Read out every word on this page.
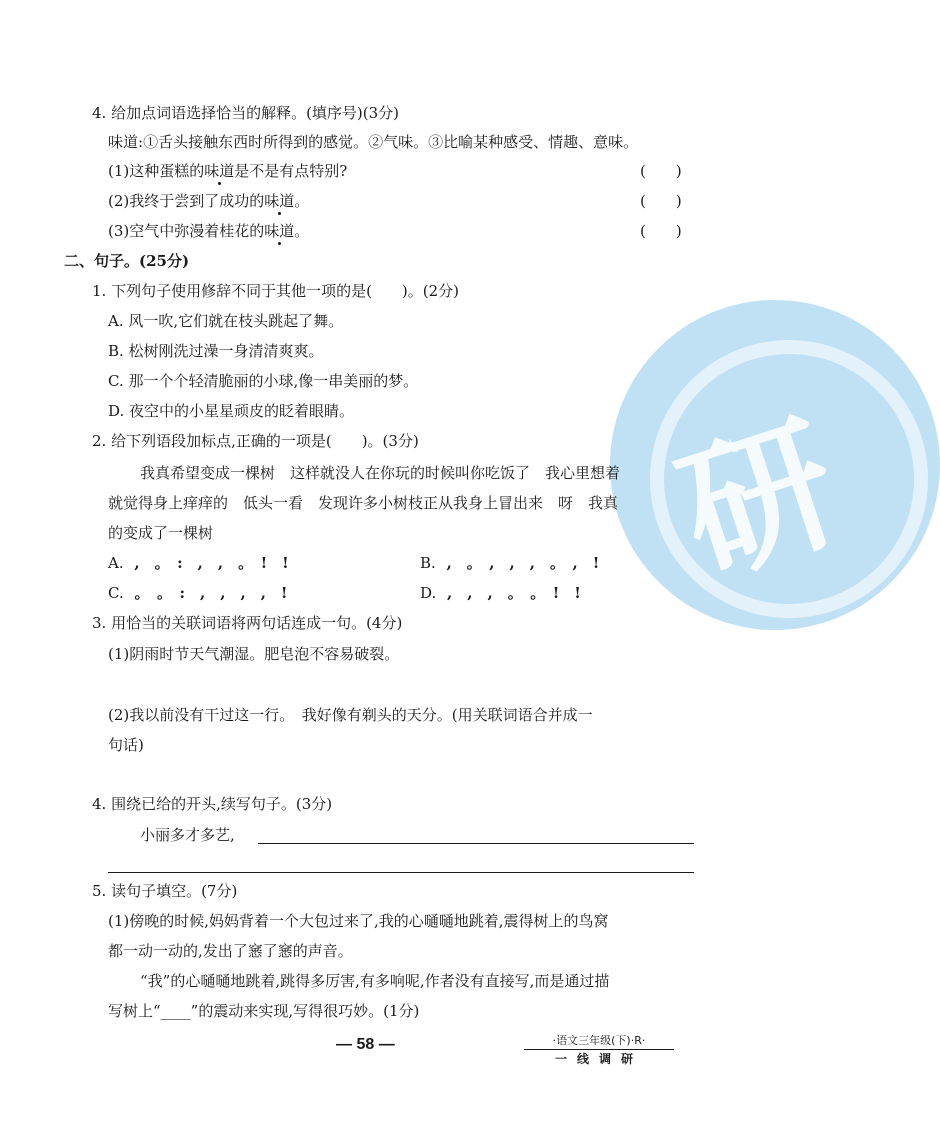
研
4. 给加点词语选择恰当的解释。(填序号)(3分)
味道:①舌头接触东西时所得到的感觉。②气味。③比喻某种感受、情趣、意味。
(1)这种蛋糕的味道是不是有点特别?	(　　)
(2)我终于尝到了成功的味道。	(　　)
(3)空气中弥漫着桂花的味道。	(　　)
二、句子。(25分)
1. 下列句子使用修辞不同于其他一项的是(　　)。(2分)
A. 风一吹,它们就在枝头跳起了舞。
B. 松树刚洗过澡一身清清爽爽。
C. 那一个个轻清脆丽的小球,像一串美丽的梦。
D. 夜空中的小星星顽皮的眨着眼睛。
2. 给下列语段加标点,正确的一项是(　　)。(3分)
我真希望变成一棵树　这样就没人在你玩的时候叫你吃饭了　我心里想着
就觉得身上痒痒的　低头一看　发现许多小树枝正从我身上冒出来　呀　我真
的变成了一棵树
A. ,　。　:　,　,　。　!　!	B. ,　。　,　,　,　。　,　!
C. 。　。　:　,　,　,　,　!	D. ,　,　,　。　。　!　!
3. 用恰当的关联词语将两句话连成一句。(4分)
(1)阴雨时节天气潮湿。肥皂泡不容易破裂。
(2)我以前没有干过这一行。　我好像有剃头的天分。(用关联词语合并成一
句话)
4. 围绕已给的开头,续写句子。(3分)
小丽多才多艺,
5. 读句子填空。(7分)
(1)傍晚的时候,妈妈背着一个大包过来了,我的心嗵嗵地跳着,震得树上的鸟窝
都一动一动的,发出了窸了窸的声音。
“我”的心嗵嗵地跳着,跳得多厉害,有多响呢,作者没有直接写,而是通过描
写树上“____”的震动来实现,写得很巧妙。(1分)
— 58 —	·语文三年级(下)·R·
一线调研
